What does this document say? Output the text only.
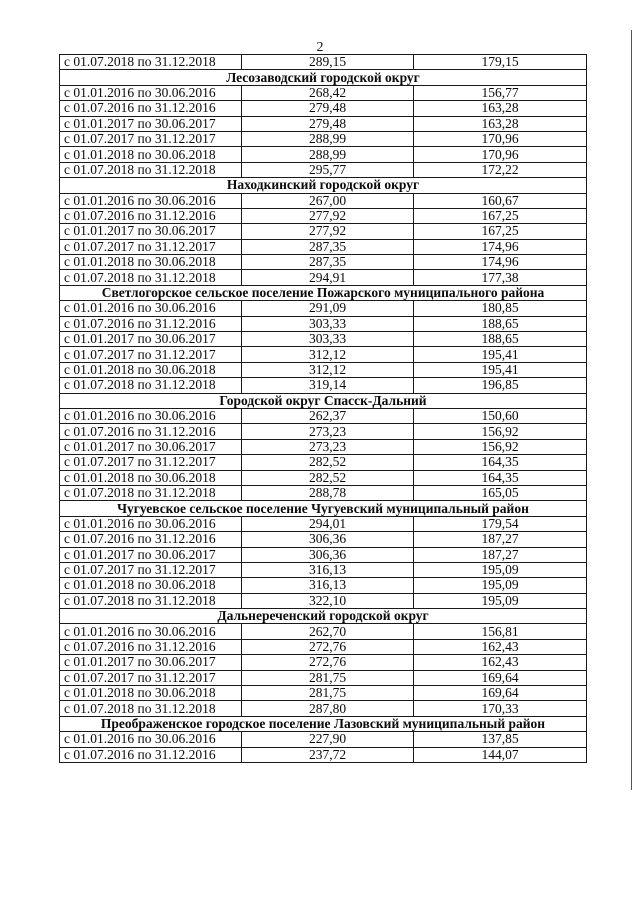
2
с 01.07.2018 по 31.12.2018	289,15	179,15
Лесозаводский городской округ		
с 01.01.2016 по 30.06.2016	268,42	156,77
с 01.07.2016 по 31.12.2016	279,48	163,28
с 01.01.2017 по 30.06.2017	279,48	163,28
с 01.07.2017 по 31.12.2017	288,99	170,96
с 01.01.2018 по 30.06.2018	288,99	170,96
с 01.07.2018 по 31.12.2018	295,77	172,22
Находкинский городской округ		
с 01.01.2016 по 30.06.2016	267,00	160,67
с 01.07.2016 по 31.12.2016	277,92	167,25
с 01.01.2017 по 30.06.2017	277,92	167,25
с 01.07.2017 по 31.12.2017	287,35	174,96
с 01.01.2018 по 30.06.2018	287,35	174,96
с 01.07.2018 по 31.12.2018	294,91	177,38
Светлогорское сельское поселение Пожарского муниципального района		
с 01.01.2016 по 30.06.2016	291,09	180,85
с 01.07.2016 по 31.12.2016	303,33	188,65
с 01.01.2017 по 30.06.2017	303,33	188,65
с 01.07.2017 по 31.12.2017	312,12	195,41
с 01.01.2018 по 30.06.2018	312,12	195,41
с 01.07.2018 по 31.12.2018	319,14	196,85
Городской округ Спасск-Дальний		
с 01.01.2016 по 30.06.2016	262,37	150,60
с 01.07.2016 по 31.12.2016	273,23	156,92
с 01.01.2017 по 30.06.2017	273,23	156,92
с 01.07.2017 по 31.12.2017	282,52	164,35
с 01.01.2018 по 30.06.2018	282,52	164,35
с 01.07.2018 по 31.12.2018	288,78	165,05
Чугуевское сельское поселение Чугуевский муниципальный район		
с 01.01.2016 по 30.06.2016	294,01	179,54
с 01.07.2016 по 31.12.2016	306,36	187,27
с 01.01.2017 по 30.06.2017	306,36	187,27
с 01.07.2017 по 31.12.2017	316,13	195,09
с 01.01.2018 по 30.06.2018	316,13	195,09
с 01.07.2018 по 31.12.2018	322,10	195,09
Дальнереченский городской округ		
с 01.01.2016 по 30.06.2016	262,70	156,81
с 01.07.2016 по 31.12.2016	272,76	162,43
с 01.01.2017 по 30.06.2017	272,76	162,43
с 01.07.2017 по 31.12.2017	281,75	169,64
с 01.01.2018 по 30.06.2018	281,75	169,64
с 01.07.2018 по 31.12.2018	287,80	170,33
Преображенское городское поселение Лазовский муниципальный район		
с 01.01.2016 по 30.06.2016	227,90	137,85
с 01.07.2016 по 31.12.2016	237,72	144,07
